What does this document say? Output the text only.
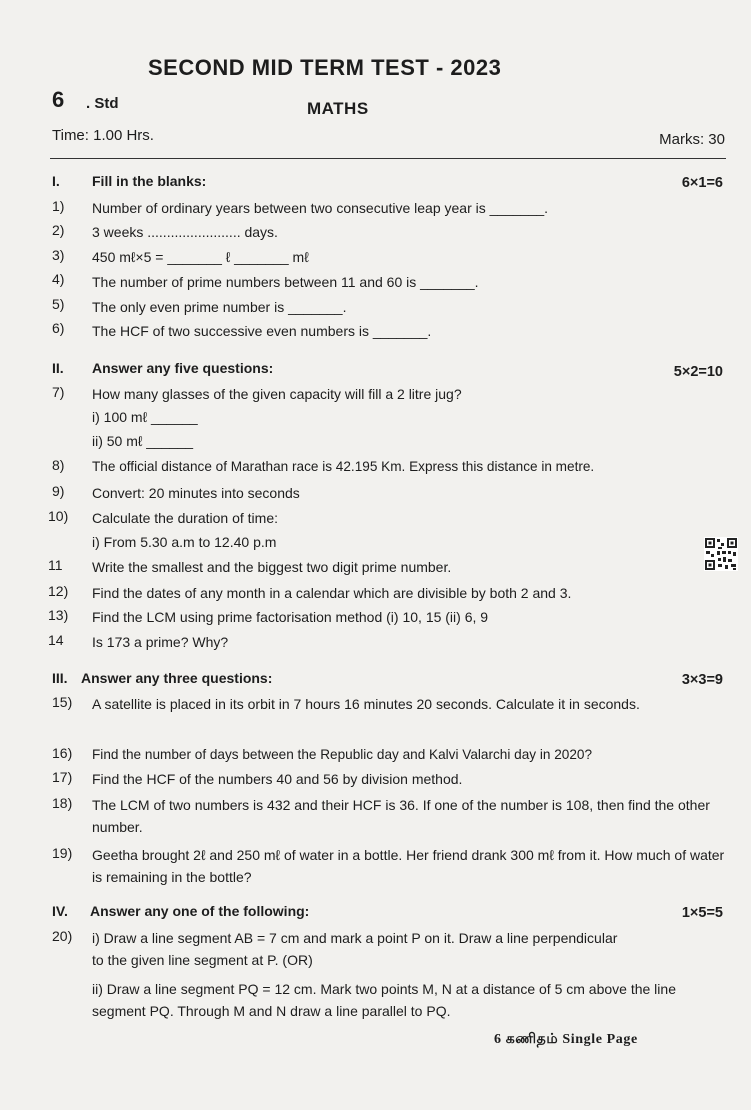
SECOND MID TERM TEST - 2023
6 . Std	MATHS
Time: 1.00 Hrs.	Marks: 30
I. Fill in the blanks:	6×1=6
1) Number of ordinary years between two consecutive leap year is _______.
2) 3 weeks ........................ days.
3) 450 mℓ×5 = _______ ℓ _______ mℓ
4) The number of prime numbers between 11 and 60 is _______.
5) The only even prime number is _______.
6) The HCF of two successive even numbers is _______.
II. Answer any five questions:	5×2=10
7) How many glasses of the given capacity will fill a 2 litre jug?
i) 100 mℓ ______
ii) 50 mℓ ______
8) The official distance of Marathan race is 42.195 Km. Express this distance in metre.
9) Convert: 20 minutes into seconds
10) Calculate the duration of time:
i) From 5.30 a.m to 12.40 p.m
11 Write the smallest and the biggest two digit prime number.
12) Find the dates of any month in a calendar which are divisible by both 2 and 3.
13) Find the LCM using prime factorisation method (i) 10, 15 (ii) 6, 9
14 Is 173 a prime? Why?
III. Answer any three questions:	3×3=9
15) A satellite is placed in its orbit in 7 hours 16 minutes 20 seconds. Calculate it in seconds.
16) Find the number of days between the Republic day and Kalvi Valarchi day in 2020?
17) Find the HCF of the numbers 40 and 56 by division method.
18) The LCM of two numbers is 432 and their HCF is 36. If one of the number is 108, then find the other number.
19) Geetha brought 2ℓ and 250 mℓ of water in a bottle. Her friend drank 300 mℓ from it. How much of water is remaining in the bottle?
IV. Answer any one of the following:	1×5=5
20) i) Draw a line segment AB = 7 cm and mark a point P on it. Draw a line perpendicular to the given line segment at P. (OR)
ii) Draw a line segment PQ = 12 cm. Mark two points M, N at a distance of 5 cm above the line segment PQ. Through M and N draw a line parallel to PQ.
6 கணிதம் Single Page
